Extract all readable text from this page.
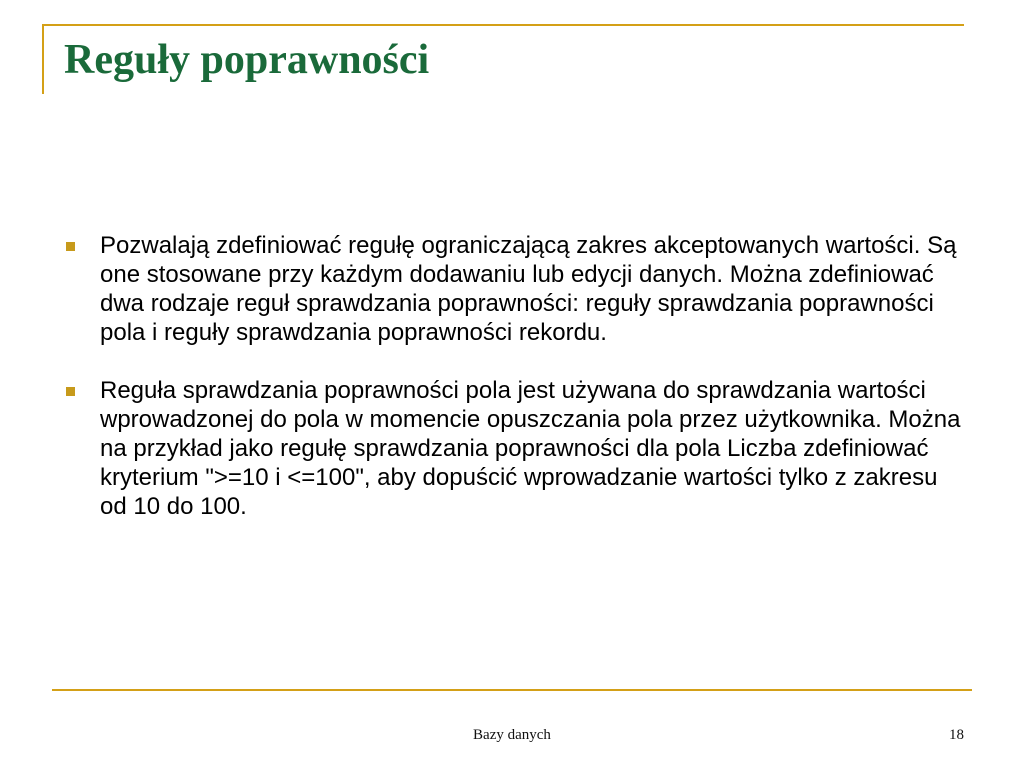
Reguły poprawności
Pozwalają zdefiniować regułę ograniczającą zakres akceptowanych wartości. Są one stosowane przy każdym dodawaniu lub edycji danych. Można zdefiniować dwa rodzaje reguł sprawdzania poprawności: reguły sprawdzania poprawności pola i reguły sprawdzania poprawności rekordu.
Reguła sprawdzania poprawności pola jest używana do sprawdzania wartości wprowadzonej do pola w momencie opuszczania pola przez użytkownika. Można na przykład jako regułę sprawdzania poprawności dla pola Liczba zdefiniować kryterium ">=10 i <=100", aby dopuścić wprowadzanie wartości tylko z zakresu od 10 do 100.
Bazy danych	18
